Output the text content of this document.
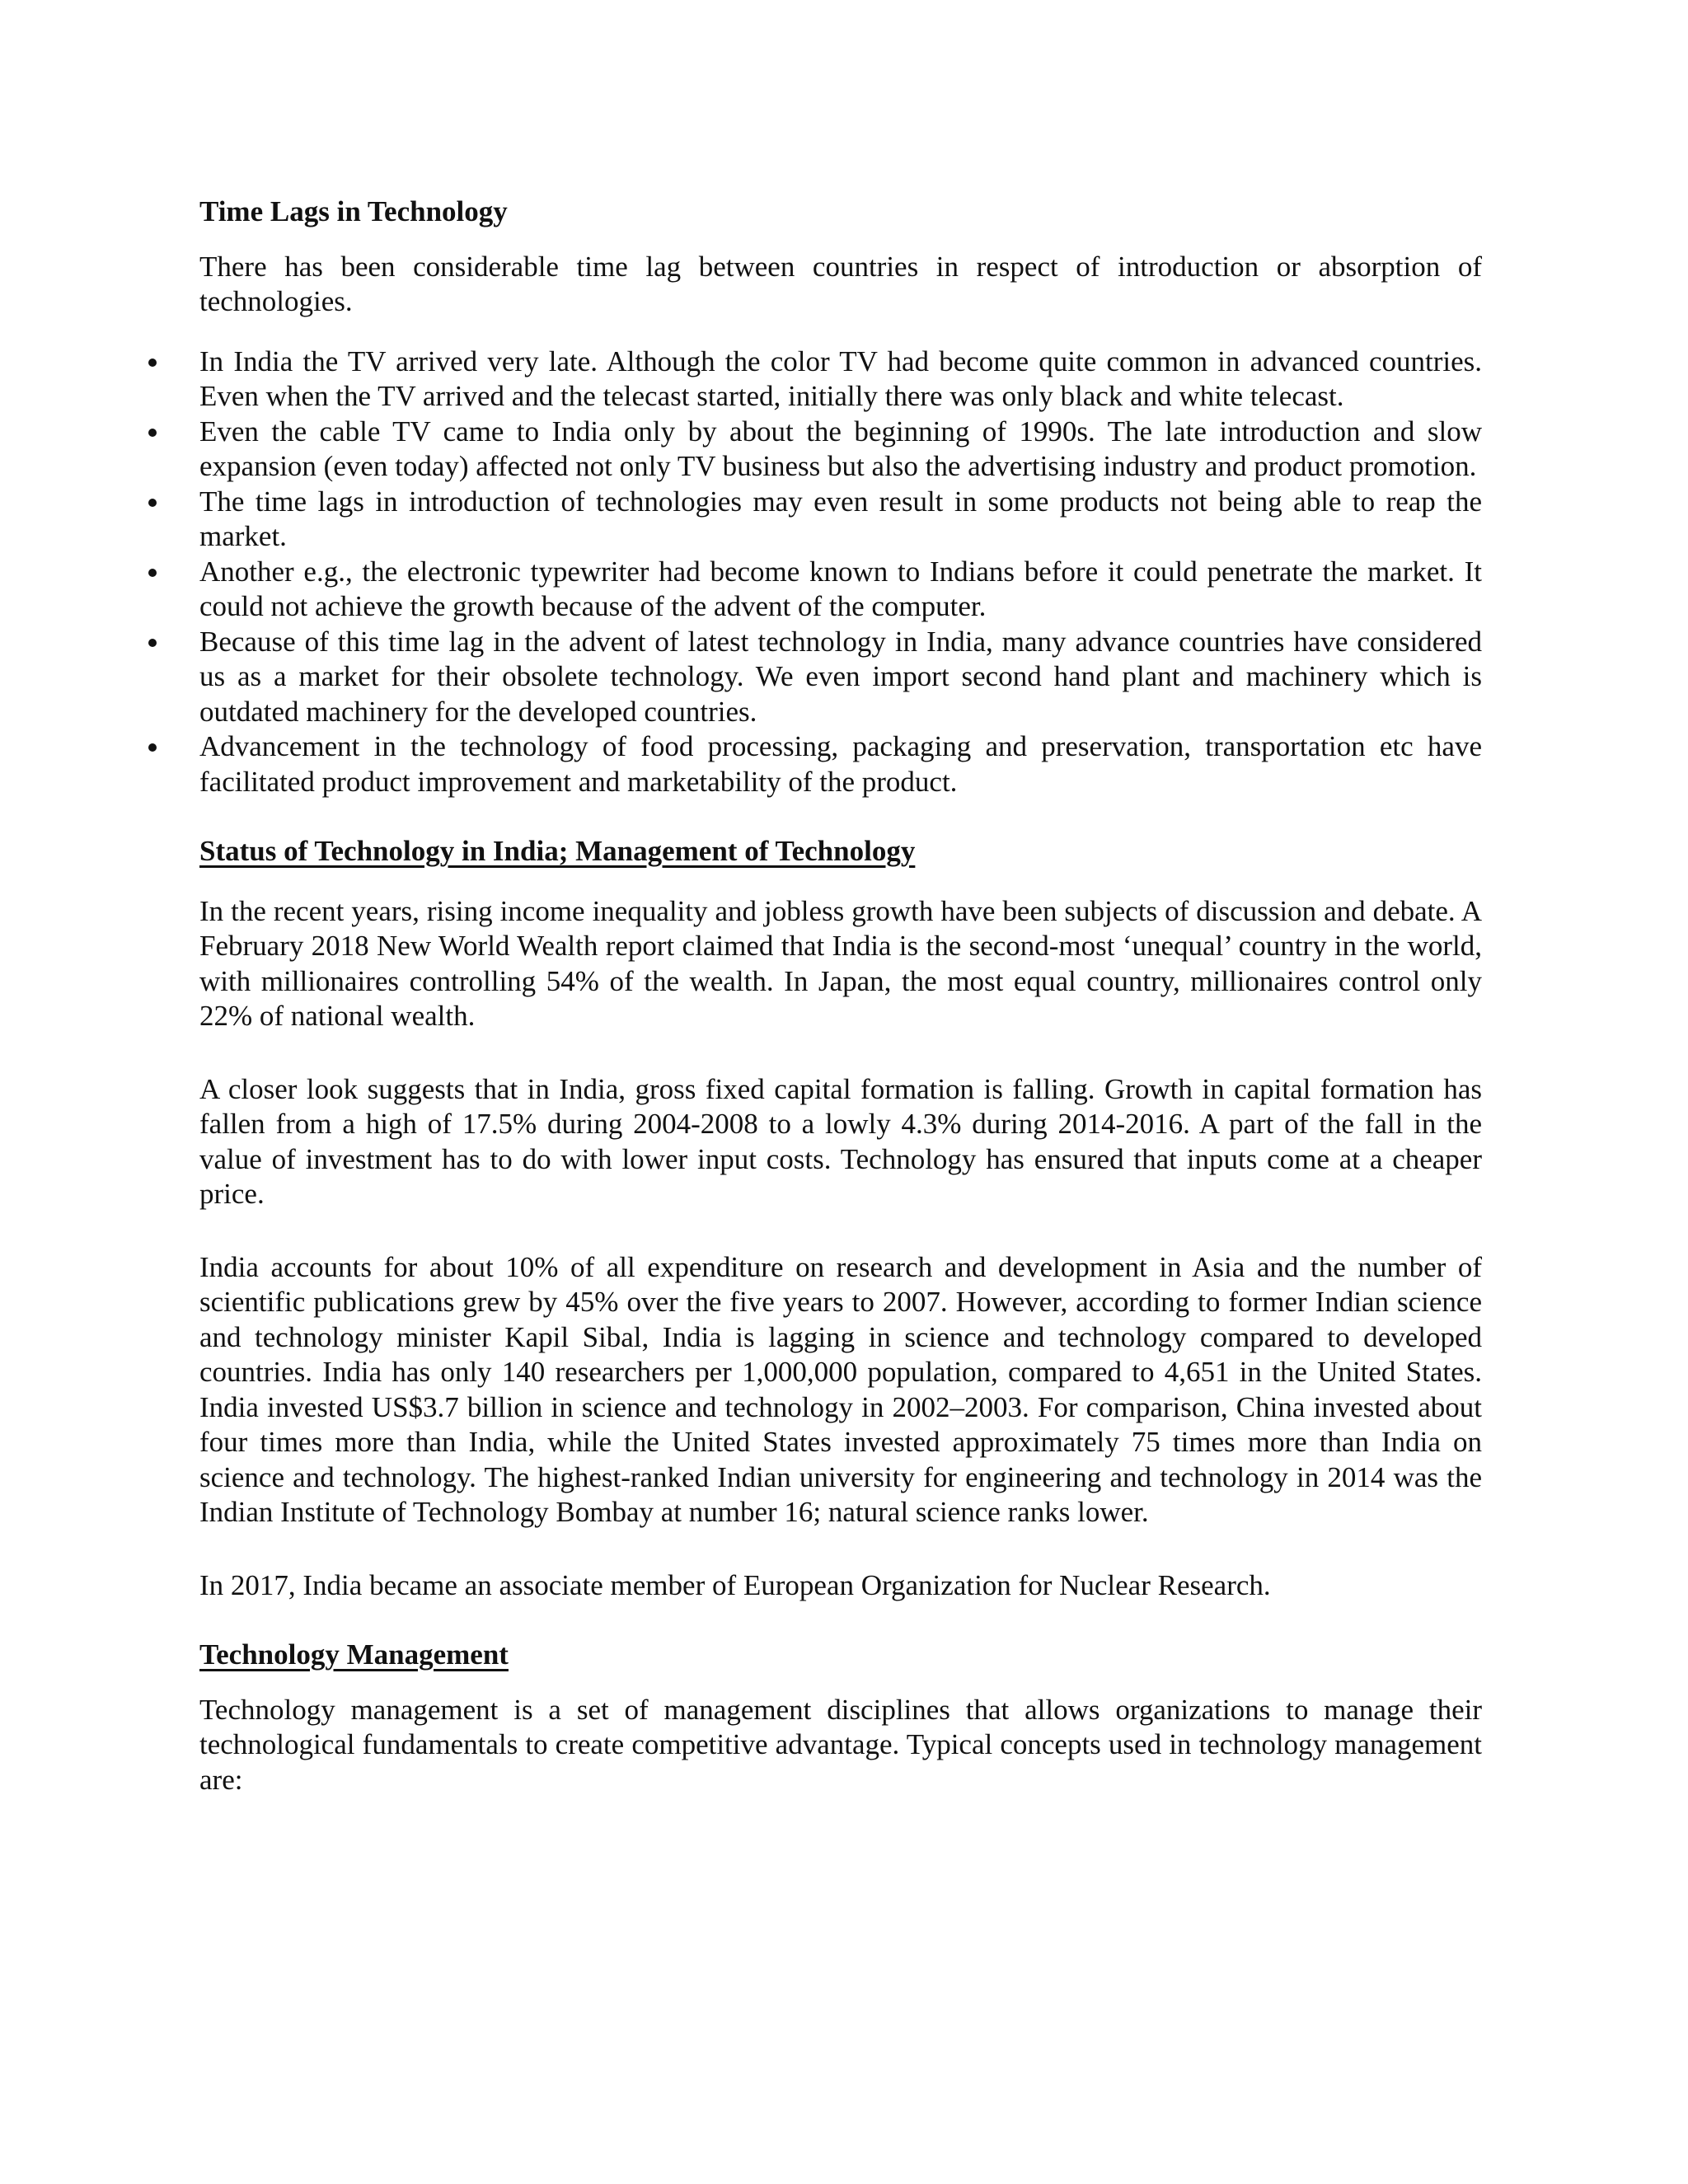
Time Lags in Technology

There has been considerable time lag between countries in respect of introduction or absorption of technologies.

In India the TV arrived very late. Although the color TV had become quite common in advanced countries. Even when the TV arrived and the telecast started, initially there was only black and white telecast.
Even the cable TV came to India only by about the beginning of 1990s. The late introduction and slow expansion (even today) affected not only TV business but also the advertising industry and product promotion.
The time lags in introduction of technologies may even result in some products not being able to reap the market.
Another e.g., the electronic typewriter had become known to Indians before it could penetrate the market. It could not achieve the growth because of the advent of the computer.
Because of this time lag in the advent of latest technology in India, many advance countries have considered us as a market for their obsolete technology. We even import second hand plant and machinery which is outdated machinery for the developed countries.
Advancement in the technology of food processing, packaging and preservation, transportation etc have facilitated product improvement and marketability of the product.
Status of Technology in India; Management of Technology

In the recent years, rising income inequality and jobless growth have been subjects of discussion and debate. A February 2018 New World Wealth report claimed that India is the second-most ‘unequal’ country in the world, with millionaires controlling 54% of the wealth. In Japan, the most equal country, millionaires control only 22% of national wealth.

A closer look suggests that in India, gross fixed capital formation is falling. Growth in capital formation has fallen from a high of 17.5% during 2004-2008 to a lowly 4.3% during 2014-2016. A part of the fall in the value of investment has to do with lower input costs. Technology has ensured that inputs come at a cheaper price.

India accounts for about 10% of all expenditure on research and development in Asia and the number of scientific publications grew by 45% over the five years to 2007. However, according to former Indian science and technology minister Kapil Sibal, India is lagging in science and technology compared to developed countries. India has only 140 researchers per 1,000,000 population, compared to 4,651 in the United States. India invested US$3.7 billion in science and technology in 2002–2003. For comparison, China invested about four times more than India, while the United States invested approximately 75 times more than India on science and technology. The highest-ranked Indian university for engineering and technology in 2014 was the Indian Institute of Technology Bombay at number 16; natural science ranks lower.

In 2017, India became an associate member of European Organization for Nuclear Research.

Technology Management

Technology management is a set of management disciplines that allows organizations to manage their technological fundamentals to create competitive advantage. Typical concepts used in technology management are:
